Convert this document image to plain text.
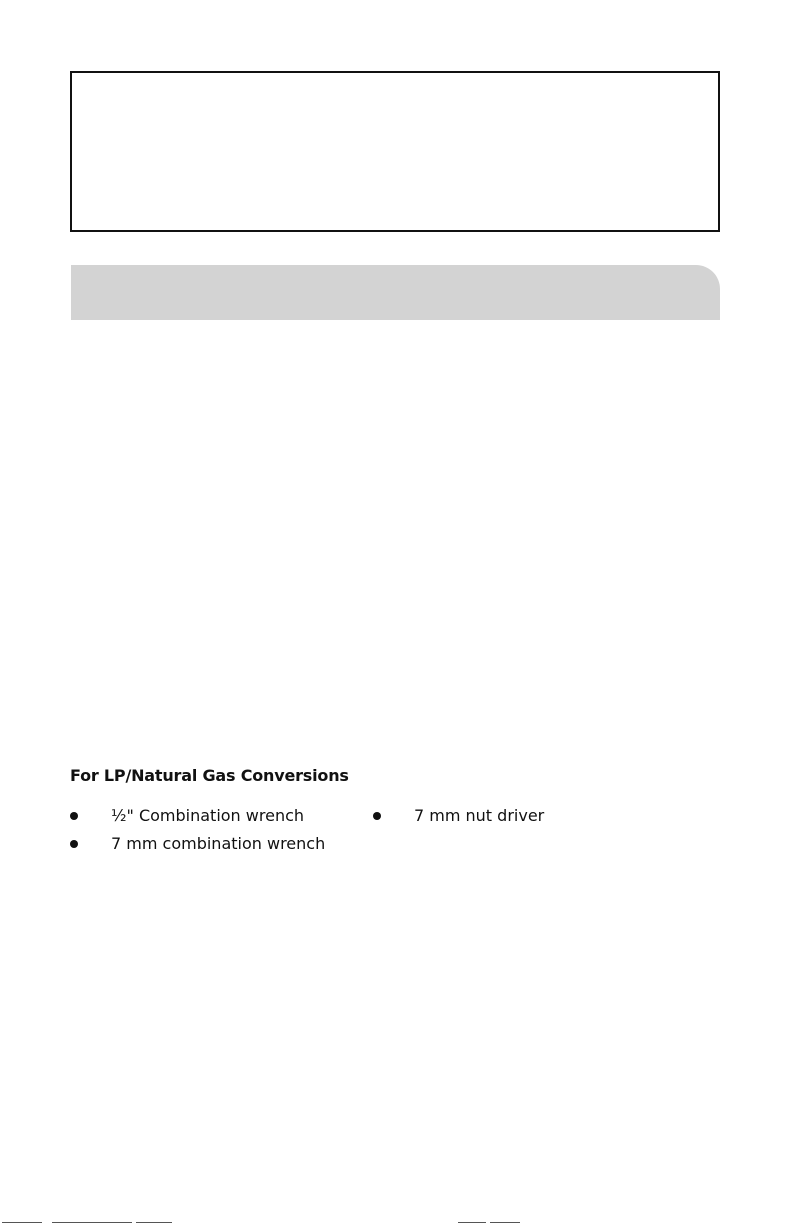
For LP/Natural Gas Conversions
½" Combination wrench	7 mm nut driver
7 mm combination wrench
